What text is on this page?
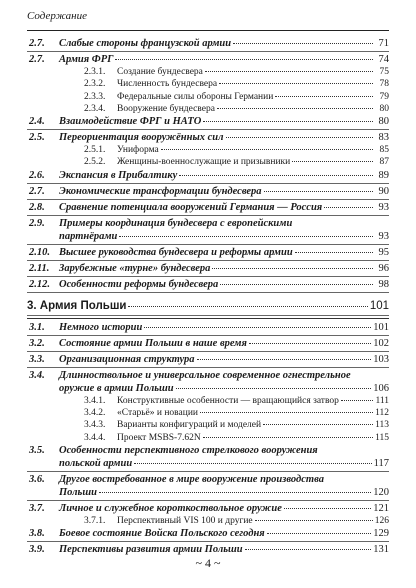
Содержание
2.7.	Слабые стороны французской армии	71
2.7.	Армия ФРГ	74
2.3.1.	Создание бундесвера	75
2.3.2.	Численность бундесвера	78
2.3.3.	Федеральные силы обороны Германии	79
2.3.4.	Вооружение бундесвера	80
2.4.	Взаимодействие ФРГ и НАТО	80
2.5.	Переориентация вооружённых сил	83
2.5.1.	Униформа	85
2.5.2.	Женщины-военнослужащие и призывники	87
2.6.	Экспансия в Прибалтику	89
2.7.	Экономические трансформации бундесвера	90
2.8.	Сравнение потенциала вооружений Германия — Россия	93
2.9.	Примеры координация бундесвера с европейскими
партнёрами	93
2.10. Высшее руководства бундесвера и реформы армии	95
2.11. Зарубежные «турне» бундесвера	96
2.12. Особенности реформы бундесвера	98
3. Армия Польши	101
3.1.	Немного истории	101
3.2.	Состояние армии Польши в наше время	102
3.3.	Организационная структура	103
3.4.	Длинноствольное и универсальное современное огнестрельное
оружие в армии Польши	106
3.4.1.	Конструктивные особенности — вращающийся затвор	111
3.4.2.	«Старьё» и новации	112
3.4.3.	Варианты конфигураций и моделей	113
3.4.4.	Проект MSBS-7.62N	115
3.5.	Особенности перспективного стрелкового вооружения
польской армии	117
3.6.	Другое востребованное в мире вооружение производства
Польши	120
3.7.	Личное и служебное короткоствольное оружие	121
3.7.1.	Перспективный VIS 100 и другие	126
3.8.	Боевое состояние Войска Польского сегодня	129
3.9.	Перспективы развития армии Польши	131
~ 4 ~
